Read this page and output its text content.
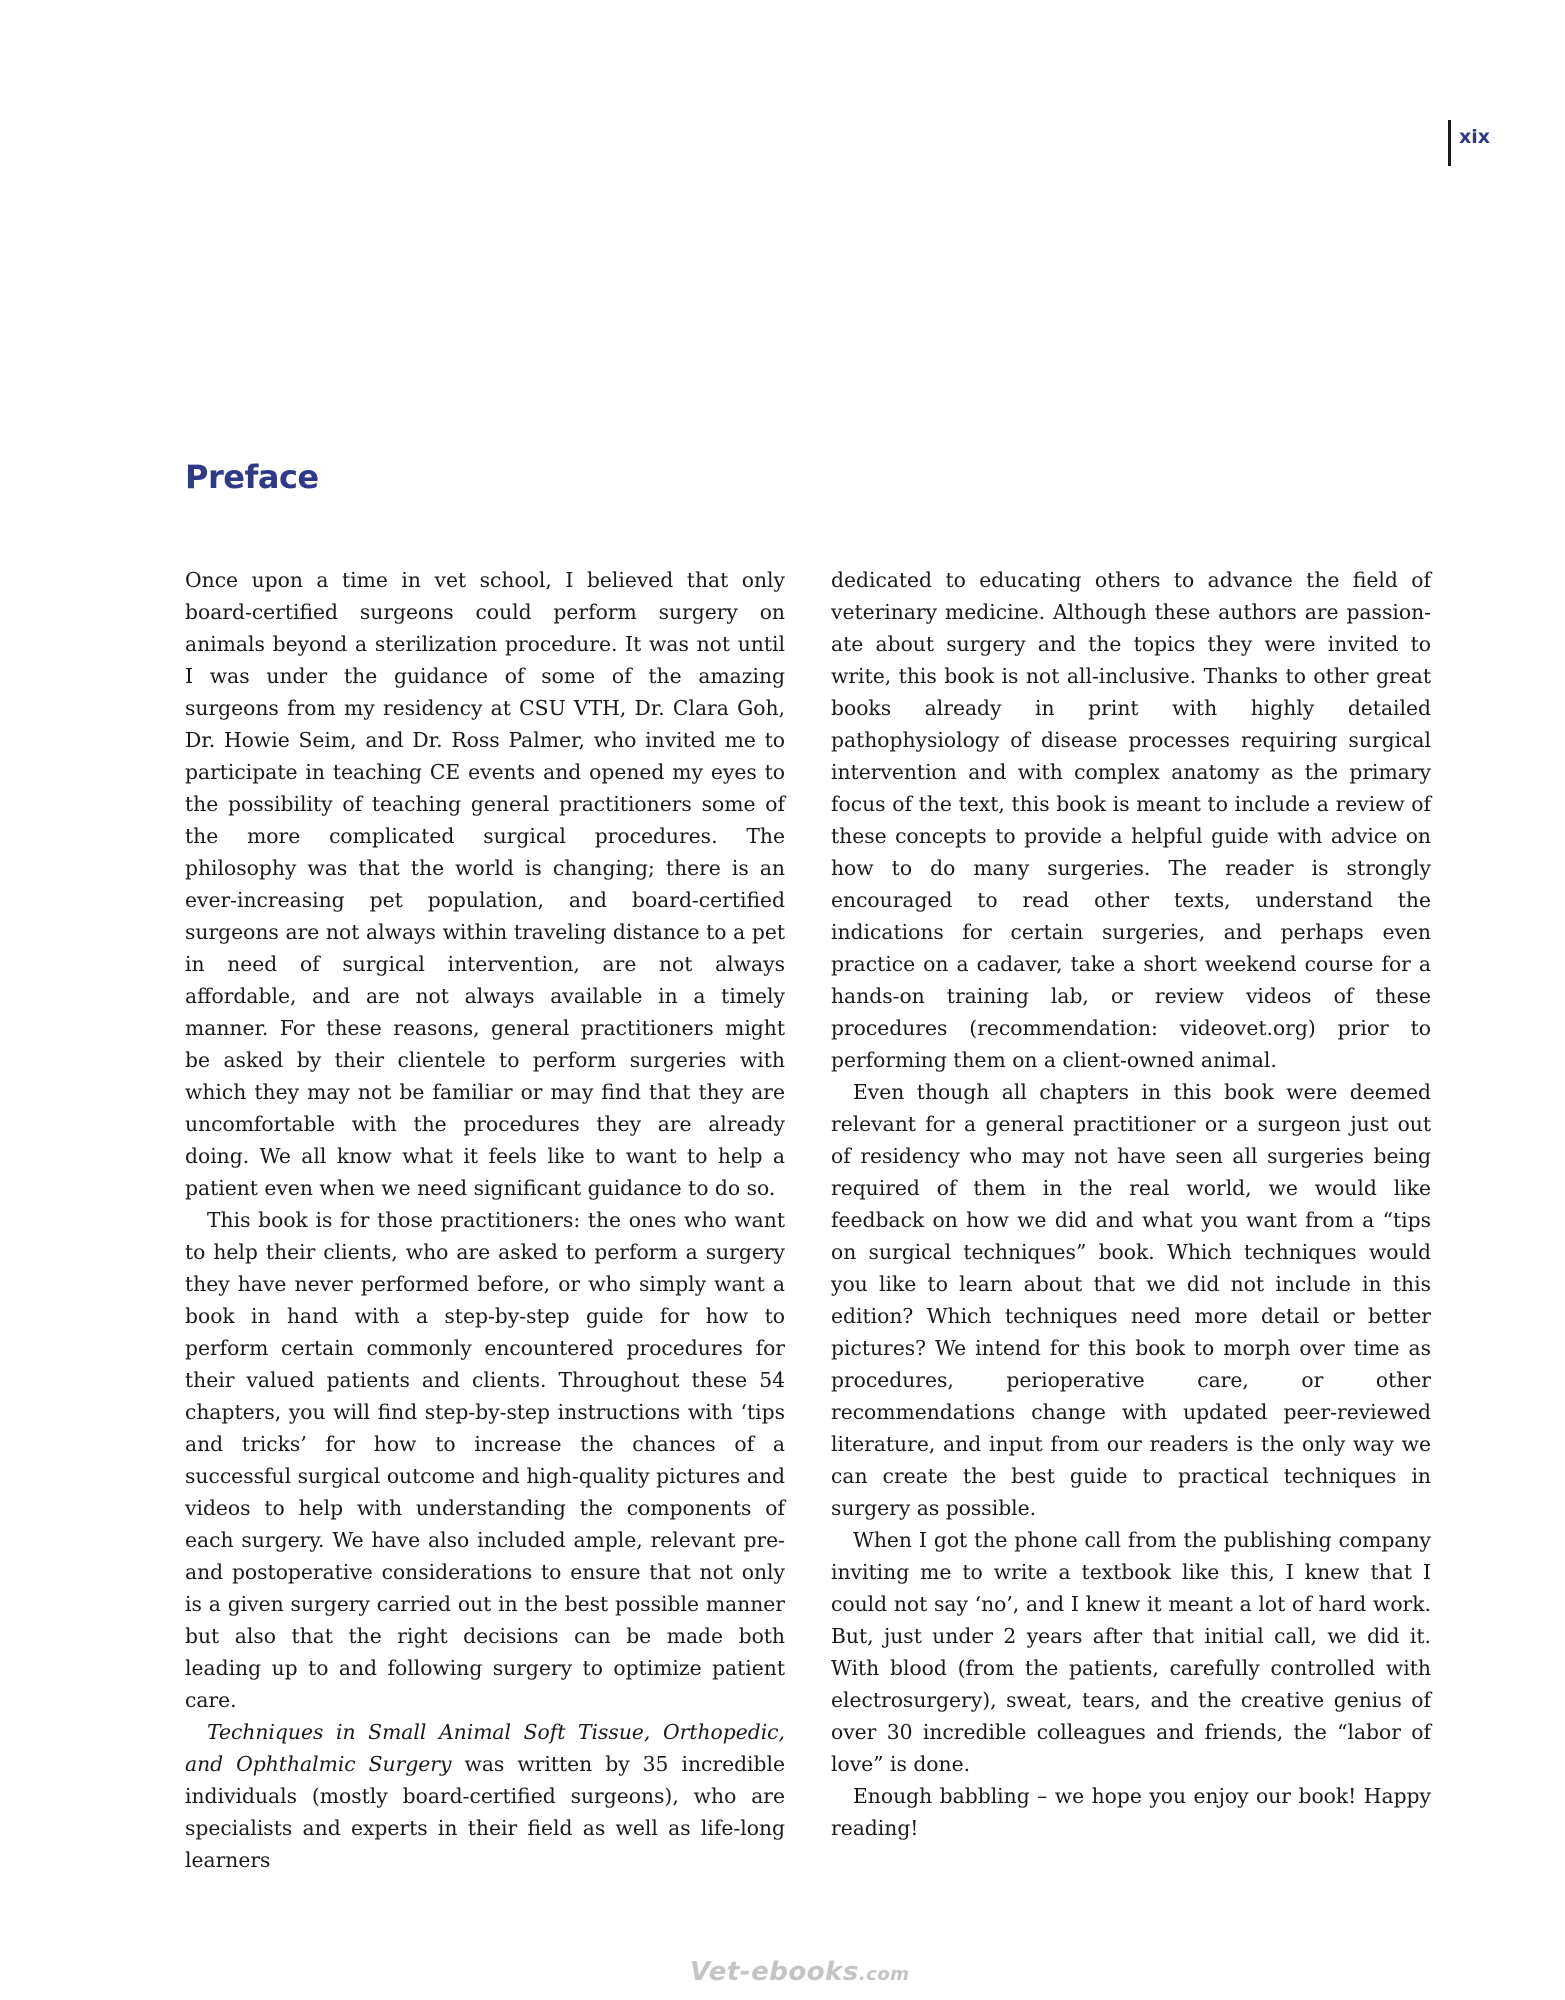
xix
Preface

Once upon a time in vet school, I believed that only board-certified surgeons could perform surgery on animals beyond a sterilization procedure. It was not until I was under the guidance of some of the amazing surgeons from my residency at CSU VTH, Dr. Clara Goh, Dr. Howie Seim, and Dr. Ross Palmer, who invited me to participate in teaching CE events and opened my eyes to the possibility of teaching general practitioners some of the more complicated surgical procedures. The philosophy was that the world is changing; there is an ever-increasing pet population, and board-certified surgeons are not always within traveling distance to a pet in need of surgical intervention, are not always affordable, and are not always available in a timely manner. For these reasons, general practitioners might be asked by their clientele to perform surgeries with which they may not be familiar or may find that they are uncomfortable with the procedures they are already doing. We all know what it feels like to want to help a patient even when we need significant guidance to do so.

This book is for those practitioners: the ones who want to help their clients, who are asked to perform a surgery they have never performed before, or who simply want a book in hand with a step-by-step guide for how to perform certain commonly encountered procedures for their valued patients and clients. Throughout these 54 chapters, you will find step-by-step instructions with ‘tips and tricks’ for how to increase the chances of a successful surgical outcome and high-quality pictures and videos to help with understanding the components of each surgery. We have also included ample, relevant pre- and postoperative considerations to ensure that not only is a given surgery carried out in the best possible manner but also that the right decisions can be made both leading up to and following surgery to optimize patient care.

Techniques in Small Animal Soft Tissue, Orthopedic, and Ophthalmic Surgery was written by 35 incredible individuals (mostly board-certified surgeons), who are specialists and experts in their field as well as life-long learners

dedicated to educating others to advance the field of veterinary medicine. Although these authors are passionate about surgery and the topics they were invited to write, this book is not all-inclusive. Thanks to other great books already in print with highly detailed pathophysiology of disease processes requiring surgical intervention and with complex anatomy as the primary focus of the text, this book is meant to include a review of these concepts to provide a helpful guide with advice on how to do many surgeries. The reader is strongly encouraged to read other texts, understand the indications for certain surgeries, and perhaps even practice on a cadaver, take a short weekend course for a hands-on training lab, or review videos of these procedures (recommendation: videovet.org) prior to performing them on a client-owned animal.

Even though all chapters in this book were deemed relevant for a general practitioner or a surgeon just out of residency who may not have seen all surgeries being required of them in the real world, we would like feedback on how we did and what you want from a “tips on surgical techniques” book. Which techniques would you like to learn about that we did not include in this edition? Which techniques need more detail or better pictures? We intend for this book to morph over time as procedures, perioperative care, or other recommendations change with updated peer-reviewed literature, and input from our readers is the only way we can create the best guide to practical techniques in surgery as possible.

When I got the phone call from the publishing company inviting me to write a textbook like this, I knew that I could not say ‘no’, and I knew it meant a lot of hard work. But, just under 2 years after that initial call, we did it. With blood (from the patients, carefully controlled with electrosurgery), sweat, tears, and the creative genius of over 30 incredible colleagues and friends, the “labor of love” is done.

Enough babbling – we hope you enjoy our book! Happy reading!

Vet-ebooks.com
